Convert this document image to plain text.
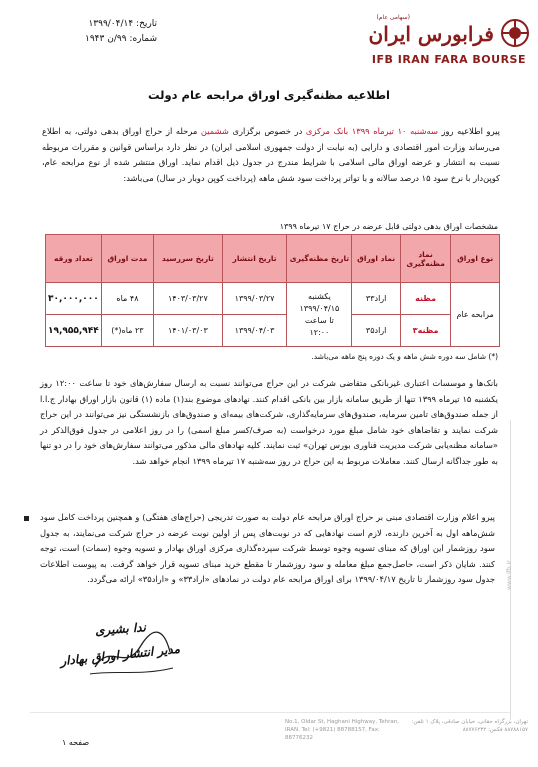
تاریخ: ۱۳۹۹/۰۴/۱۴
شماره: ۹۹/ن ۱۹۴۳
(سهامی عام)
فرابورس ایران
IFB IRAN FARA BOURSE
اطلاعیه مظنه‌گیری اوراق مرابحه عام دولت
پیرو اطلاعیه روز سه‌شنبه ۱۰ تیرماه ۱۳۹۹ بانک مرکزی در خصوص برگزاری ششمین مرحله از حراج اوراق بدهی دولتی، به اطلاع می‌رساند وزارت امور اقتصادی و دارایی (به نیابت از دولت جمهوری اسلامی ایران) در نظر دارد براساس قوانین و مقررات مربوطه نسبت به انتشار و عرضه اوراق مالی اسلامی با شرایط مندرج در جدول ذیل اقدام نماید. اوراق منتشر شده از نوع مرابحه عام، کوپن‌دار با نرخ سود ۱۵ درصد سالانه و با تواتر پرداخت سود شش ماهه (پرداخت کوپن دوبار در سال) می‌باشد:
مشخصات اوراق بدهی دولتی قابل عرضه در حراج ۱۷ تیرماه ۱۳۹۹
نوع اوراق	نماد مظنه‌گیری	نماد اوراق	تاریخ مظنه‌گیری	تاریخ انتشار	تاریخ سررسید	مدت اوراق	تعداد ورقه
مرابحه عام	مظنه	اراد۳۳	یکشنبه
۱۳۹۹/۰۴/۱۵
تا ساعت
۱۲:۰۰	۱۳۹۹/۰۳/۲۷	۱۴۰۳/۰۳/۲۷	۴۸ ماه	۳۰,۰۰۰,۰۰۰
	مظنه۳	اراد۳۵		۱۳۹۹/۰۴/۰۳	۱۴۰۱/۰۳/۰۳	۲۳ ماه(*)	۱۹,۹۵۵,۹۴۴
(*) شامل سه دوره شش ماهه و یک دوره پنج ماهه می‌باشد.
بانک‌ها و موسسات اعتباری غیربانکی متقاضی شرکت در این حراج می‌توانند نسبت به ارسال سفارش‌های خود تا ساعت ۱۲:۰۰ روز یکشنبه ۱۵ تیرماه ۱۳۹۹ تنها از طریق سامانه بازار بین بانکی اقدام کنند. نهادهای موضوع بند(۱) ماده (۱) قانون بازار اوراق بهادار ج.ا.ا از جمله صندوق‌های تامین سرمایه، صندوق‌های سرمایه‌گذاری، شرکت‌های بیمه‌ای و صندوق‌های بازنشستگی نیز می‌توانند در این حراج شرکت نمایند و تقاضاهای خود شامل مبلغ مورد درخواست (به صرف/کسر مبلغ اسمی) را در روز اعلامی در جدول فوق‌الذکر در «سامانه مظنه‌یابی شرکت مدیریت فناوری بورس تهران» ثبت نمایند. کلیه نهادهای مالی مذکور می‌توانند سفارش‌های خود را در دو تنها به طور جداگانه ارسال کنند. معاملات مربوط به این حراج در روز سه‌شنبه ۱۷ تیرماه ۱۳۹۹ انجام خواهد شد.
پیرو اعلام وزارت اقتصادی مبنی بر حراج اوراق مرابحه عام دولت به صورت تدریجی (حراج‌های هفتگی) و همچنین پرداخت کامل سود شش‌ماهه اول به آخرین دارنده، لازم است نهادهایی که در نوبت‌های پس از اولین نوبت عرضه در حراج شرکت می‌نمایند، به جدول سود روزشمار این اوراق که مبنای تسویه وجوه توسط شرکت سپرده‌گذاری مرکزی اوراق بهادار و تسویه وجوه (سمات) است، توجه کنند. شایان ذکر است، حاصل‌جمع مبلغ معامله و سود روزشمار تا مقطع خرید مبنای تسویه قرار خواهد گرفت. به پیوست اطلاعات جدول سود روزشمار تا تاریخ ۱۳۹۹/۰۴/۱۷ برای اوراق مرابحه عام دولت در نمادهای «اراد۳۳» و «اراد۳۵» ارائه می‌گردد.
ندا بشیری
مدیر انتشار اوراق بهادار
www.ifb.ir
No.1, Oldar St, Haghani Highway, Tehran, IRAN. Tel: (+9821) 88788157, Fax: 88776232
تهران، بزرگراه حقانی، خیابان صادقی، پلاک ۱ تلفن: ۸۸۷۸۸۱۵۷ فکس: ۸۸۷۷۶۲۳۲
صفحه ۱
